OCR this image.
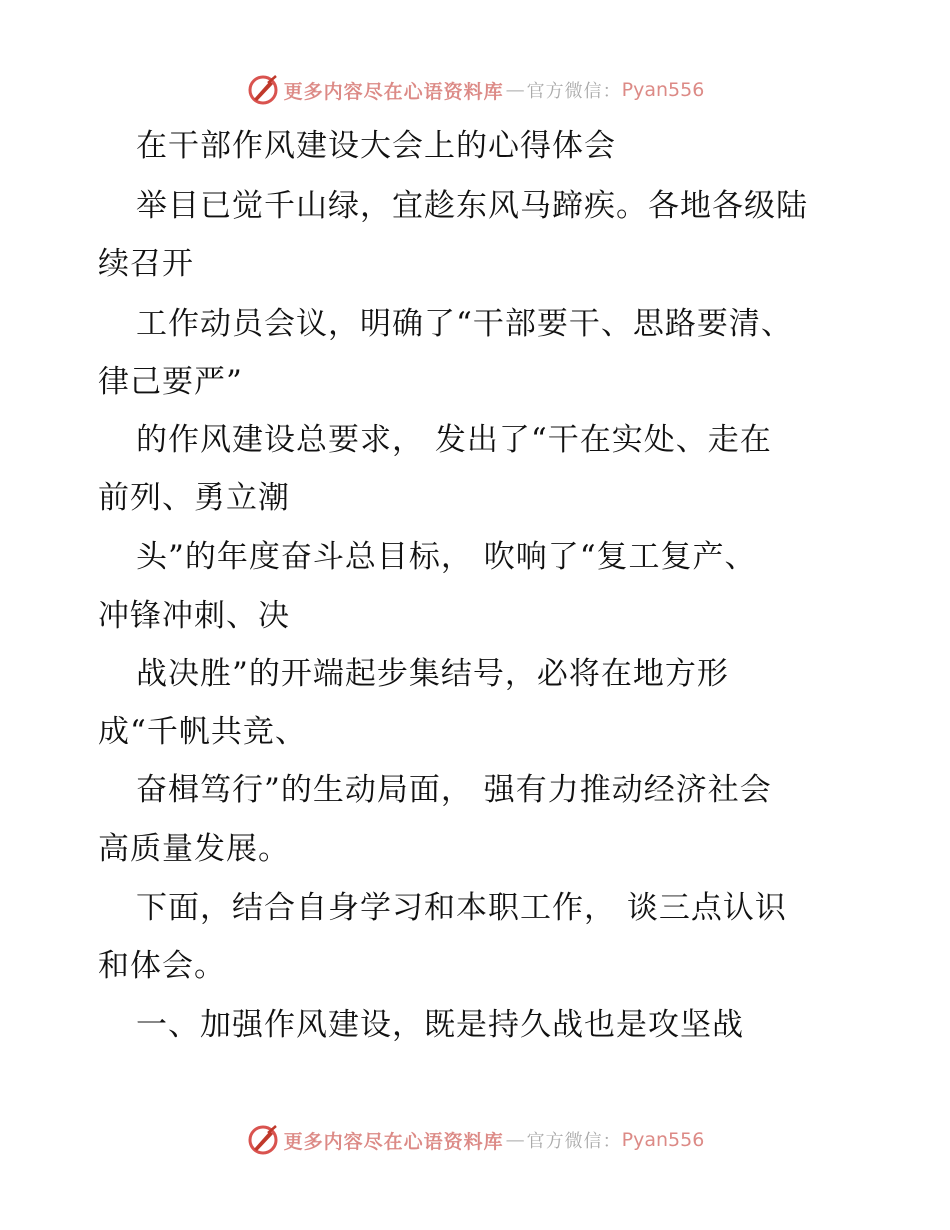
更多内容尽在心语资料库 — 官方微信： Pyan556
在干部作风建设大会上的心得体会
举目已觉千山绿，宜趁东风马蹄疾。各地各级陆
续召开
工作动员会议，明确了“干部要干、思路要清、
律己要严”
的作风建设总要求， 发出了“干在实处、走在
前列、勇立潮
头”的年度奋斗总目标， 吹响了“复工复产、
冲锋冲刺、决
战决胜”的开端起步集结号，必将在地方形
成“千帆共竞、
奋楫笃行”的生动局面， 强有力推动经济社会
高质量发展。
下面，结合自身学习和本职工作， 谈三点认识
和体会。
一、加强作风建设，既是持久战也是攻坚战
更多内容尽在心语资料库 — 官方微信： Pyan556
